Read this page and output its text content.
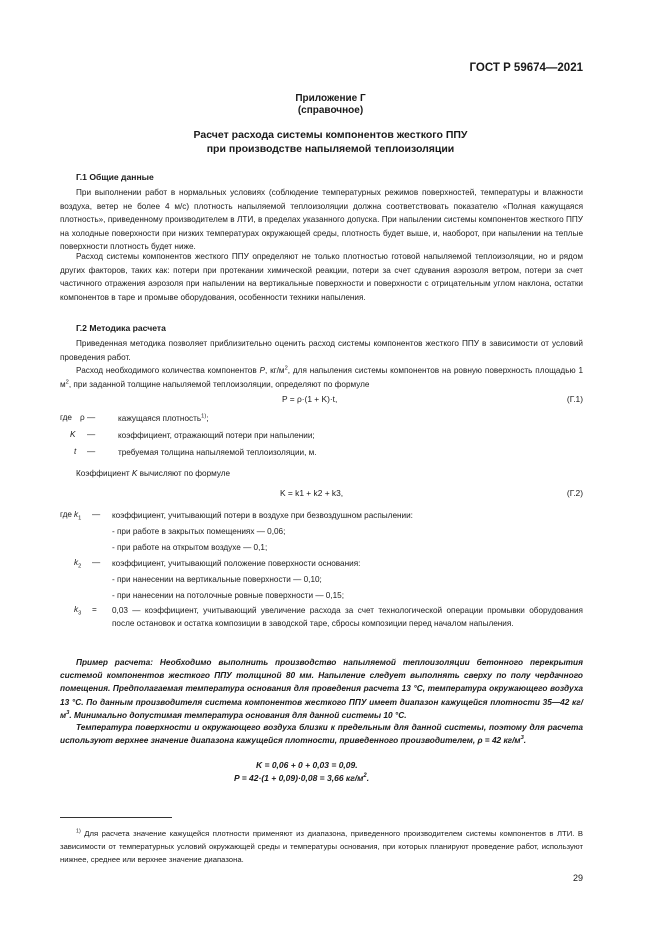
ГОСТ Р 59674—2021
Приложение Г
(справочное)
Расчет расхода системы компонентов жесткого ППУ
при производстве напыляемой теплоизоляции
Г.1 Общие данные

При выполнении работ в нормальных условиях (соблюдение температурных режимов поверхностей, температуры и влажности воздуха, ветер не более 4 м/с) плотность напыляемой теплоизоляции должна соответствовать показателю «Полная кажущаяся плотность», приведенному производителем в ЛТИ, в пределах указанного допуска. При напылении системы компонентов жесткого ППУ на холодные поверхности при низких температурах окружающей среды, плотность будет выше, и, наоборот, при напылении на теплые поверхности плотность будет ниже.

Расход системы компонентов жесткого ППУ определяют не только плотностью готовой напыляемой теплоизоляции, но и рядом других факторов, таких как: потери при протекании химической реакции, потери за счет сдувания аэрозоля ветром, потери за счет частичного отражения аэрозоля при напылении на вертикальные поверхности и поверхности с отрицательным углом наклона, остатки компонентов в таре и промыве оборудования, особенности техники напыления.

Г.2 Методика расчета

Приведенная методика позволяет приблизительно оценить расход системы компонентов жесткого ППУ в зависимости от условий проведения работ.

Расход необходимого количества компонентов P, $кг/м^2$, для напыления системы компонентов на ровную поверхность площадью 1 $м^2$, при заданной толщине напыляемой теплоизоляции, определяют по формуле

P = ρ·(1 + K)·t,	(Г.1)
где ρ —	кажущаяся плотность$^{1)}$;
K —	коэффициент, отражающий потери при напылении;
t —	требуемая толщина напыляемой теплоизоляции, м.
Коэффициент K вычисляют по формуле
K = k1 + k2 + k3,	(Г.2)
где $k_1$ — коэффициент, учитывающий потери в воздухе при безвоздушном распылении:
- при работе в закрытых помещениях — 0,06;
- при работе на открытом воздухе — 0,1;
$k_2$ — коэффициент, учитывающий положение поверхности основания:
- при нанесении на вертикальные поверхности — 0,10;
- при нанесении на потолочные ровные поверхности — 0,15;
$k_3 = 0,03$ — коэффициент, учитывающий увеличение расхода за счет технологической операции промывки оборудования после остановок и остатка композиции в заводской таре, сбросы композиции перед началом напыления.

Пример расчета: Необходимо выполнить производство напыляемой теплоизоляции бетонного перекрытия системой компонентов жесткого ППУ толщиной 80 мм. Напыление следует выполнять сверху по полу чердачного помещения. Предполагаемая температура основания для проведения расчета 13 °С, температура окружающего воздуха 13 °С. По данным производителя система компонентов жесткого ППУ имеет диапазон кажущейся плотности 35—42 $кг/м^3$. Минимально допустимая температура основания для данной системы 10 °С.

Температура поверхности и окружающего воздуха близки к предельным для данной системы, поэтому для расчета используют верхнее значение диапазона кажущейся плотности, приведенного производителем, ρ = 42 $кг/м^3$.

K = 0,06 + 0 + 0,03 = 0,09.
P = 42·(1 + 0,09)·0,08 = 3,66 $кг/м^2$.

$^{1)}$ Для расчета значение кажущейся плотности применяют из диапазона, приведенного производителем системы компонентов в ЛТИ. В зависимости от температурных условий окружающей среды и температуры основания, при которых планируют проведение работ, используют нижнее, среднее или верхнее значение диапазона.

29
